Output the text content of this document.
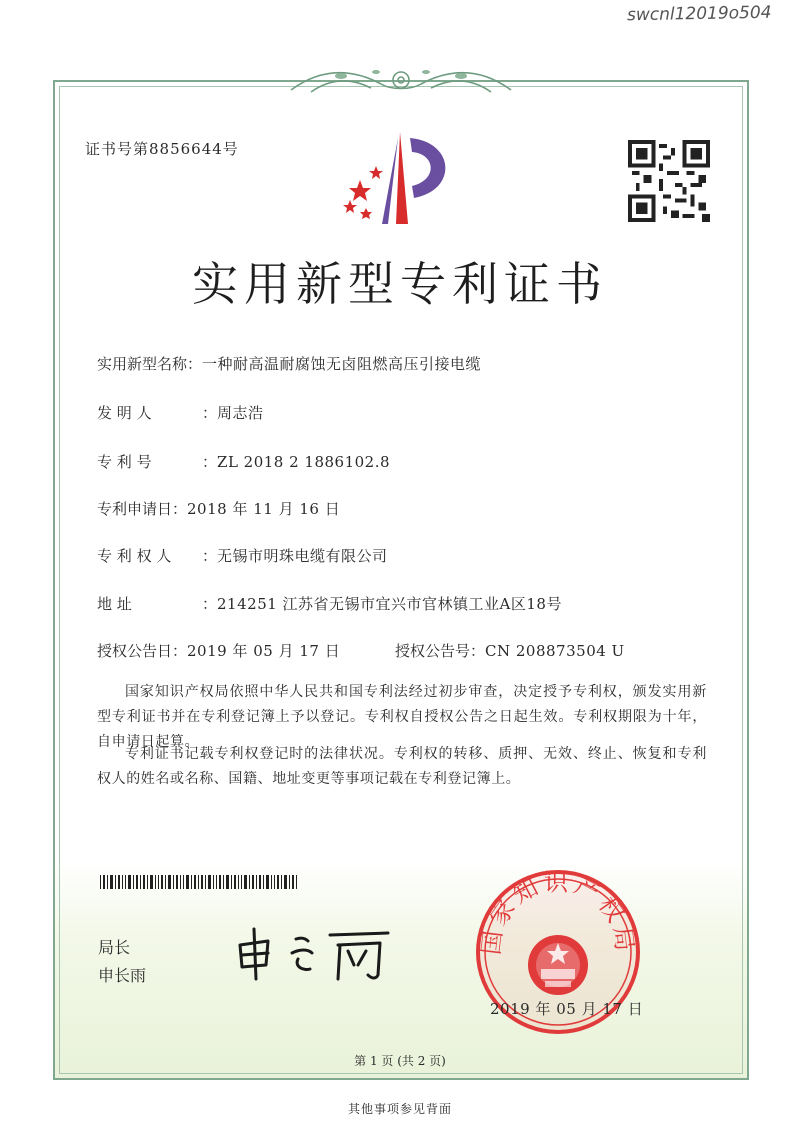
swcnl12019o504
证书号第8856644号
实用新型专利证书
实用新型名称：一种耐高温耐腐蚀无卤阻燃高压引接电缆
发 明 人	：周志浩
专 利 号	：ZL 2018 2 1886102.8
专利申请日：2018 年 11 月 16 日
专 利 权 人 ：无锡市明珠电缆有限公司
地 址	：214251 江苏省无锡市宜兴市官林镇工业A区18号
授权公告日：2019 年 05 月 17 日	授权公告号：CN 208873504 U
国家知识产权局依照中华人民共和国专利法经过初步审查，决定授予专利权，颁发实用新型专利证书并在专利登记簿上予以登记。专利权自授权公告之日起生效。专利权期限为十年，自申请日起算。
专利证书记载专利权登记时的法律状况。专利权的转移、质押、无效、终止、恢复和专利权人的姓名或名称、国籍、地址变更等事项记载在专利登记簿上。
局长
申长雨
国家知识产权局
2019 年 05 月 17 日
第 1 页 (共 2 页)
其他事项参见背面
